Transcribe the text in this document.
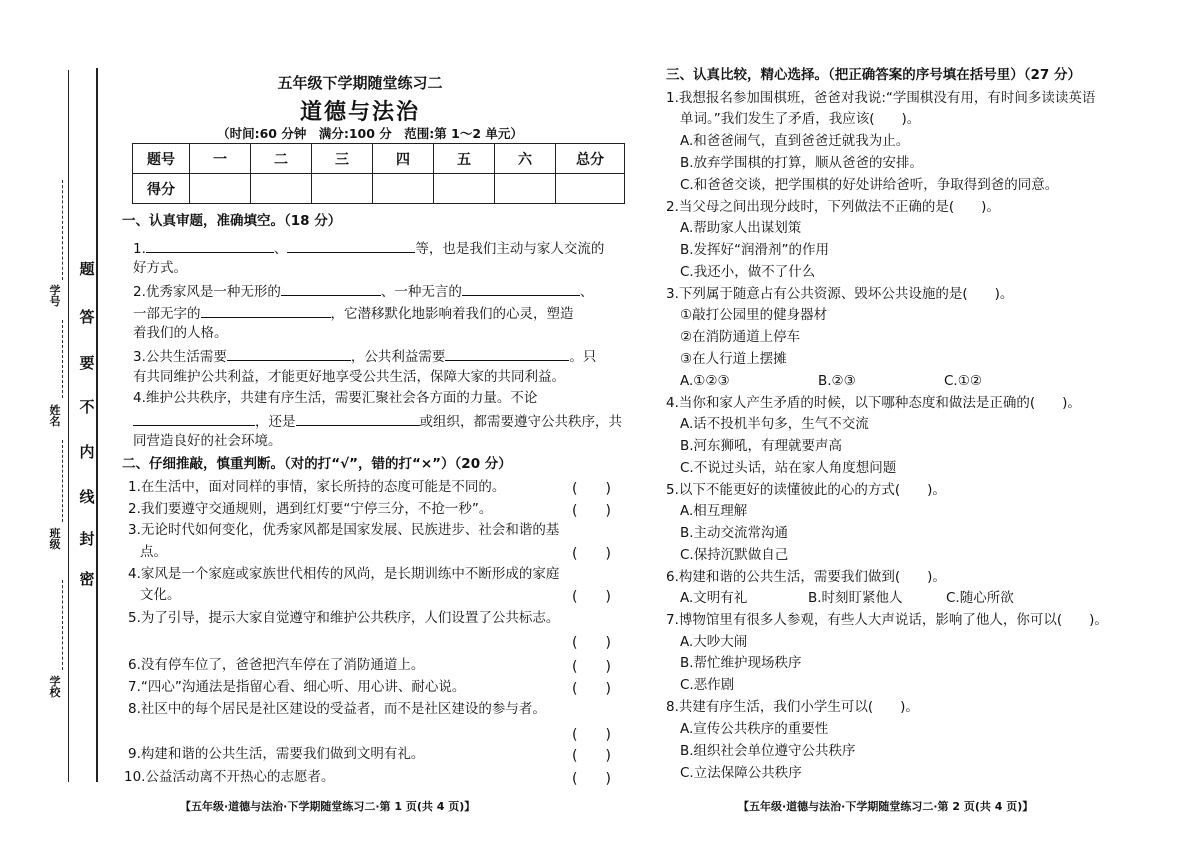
学号
姓名
班级
学校
题
答
要
不
内
线
封
密
五年级下学期随堂练习二
道德与法治
（时间:60 分钟　满分:100 分　范围:第 1～2 单元）
题号	一	二	三	四	五	六	总分
得分							
一、认真审题，准确填空。（18 分）
1.	、	等，也是我们主动与家人交流的
好方式。
2.优秀家风是一种无形的	、一种无言的	、
一部无字的	，它潜移默化地影响着我们的心灵，塑造
着我们的人格。
3.公共生活需要	，公共利益需要	。只
有共同维护公共利益，才能更好地享受公共生活，保障大家的共同利益。
4.维护公共秩序，共建有序生活，需要汇聚社会各方面的力量。不论
，还是	或组织，都需要遵守公共秩序，共
同营造良好的社会环境。
二、仔细推敲，慎重判断。（对的打“√”，错的打“×”）（20 分）
1.在生活中，面对同样的事情，家长所持的态度可能是不同的。	(　　)
2.我们要遵守交通规则，遇到红灯要“宁停三分，不抢一秒”。	(　　)
3.无论时代如何变化，优秀家风都是国家发展、民族进步、社会和谐的基
点。	(　　)
4.家风是一个家庭或家族世代相传的风尚，是长期训练中不断形成的家庭
文化。	(　　)
5.为了引导，提示大家自觉遵守和维护公共秩序，人们设置了公共标志。
(　　)
6.没有停车位了，爸爸把汽车停在了消防通道上。	(　　)
7.“四心”沟通法是指留心看、细心听、用心讲、耐心说。	(　　)
8.社区中的每个居民是社区建设的受益者，而不是社区建设的参与者。
(　　)
9.构建和谐的公共生活，需要我们做到文明有礼。	(　　)
10.公益活动离不开热心的志愿者。	(　　)
【五年级·道德与法治·下学期随堂练习二·第 1 页(共 4 页)】
三、认真比较，精心选择。（把正确答案的序号填在括号里）（27 分）
1.我想报名参加围棋班，爸爸对我说:“学围棋没有用，有时间多读读英语
单词。”我们发生了矛盾，我应该(　　)。
A.和爸爸闹气，直到爸爸迁就我为止。
B.放弃学围棋的打算，顺从爸爸的安排。
C.和爸爸交谈，把学围棋的好处讲给爸听，争取得到爸的同意。
2.当父母之间出现分歧时，下列做法不正确的是(　　)。
A.帮助家人出谋划策
B.发挥好“润滑剂”的作用
C.我还小，做不了什么
3.下列属于随意占有公共资源、毁坏公共设施的是(　　)。
①敲打公园里的健身器材
②在消防通道上停车
③在人行道上摆摊
A.①②③	B.②③	C.①②
4.当你和家人产生矛盾的时候，以下哪种态度和做法是正确的(　　)。
A.话不投机半句多，生气不交流
B.河东狮吼，有理就要声高
C.不说过头话，站在家人角度想问题
5.以下不能更好的读懂彼此的心的方式(　　)。
A.相互理解
B.主动交流常沟通
C.保持沉默做自己
6.构建和谐的公共生活，需要我们做到(　　)。
A.文明有礼	B.时刻盯紧他人	C.随心所欲
7.博物馆里有很多人参观，有些人大声说话，影响了他人，你可以(　　)。
A.大吵大闹
B.帮忙维护现场秩序
C.恶作剧
8.共建有序生活，我们小学生可以(　　)。
A.宣传公共秩序的重要性
B.组织社会单位遵守公共秩序
C.立法保障公共秩序
【五年级·道德与法治·下学期随堂练习二·第 2 页(共 4 页)】
